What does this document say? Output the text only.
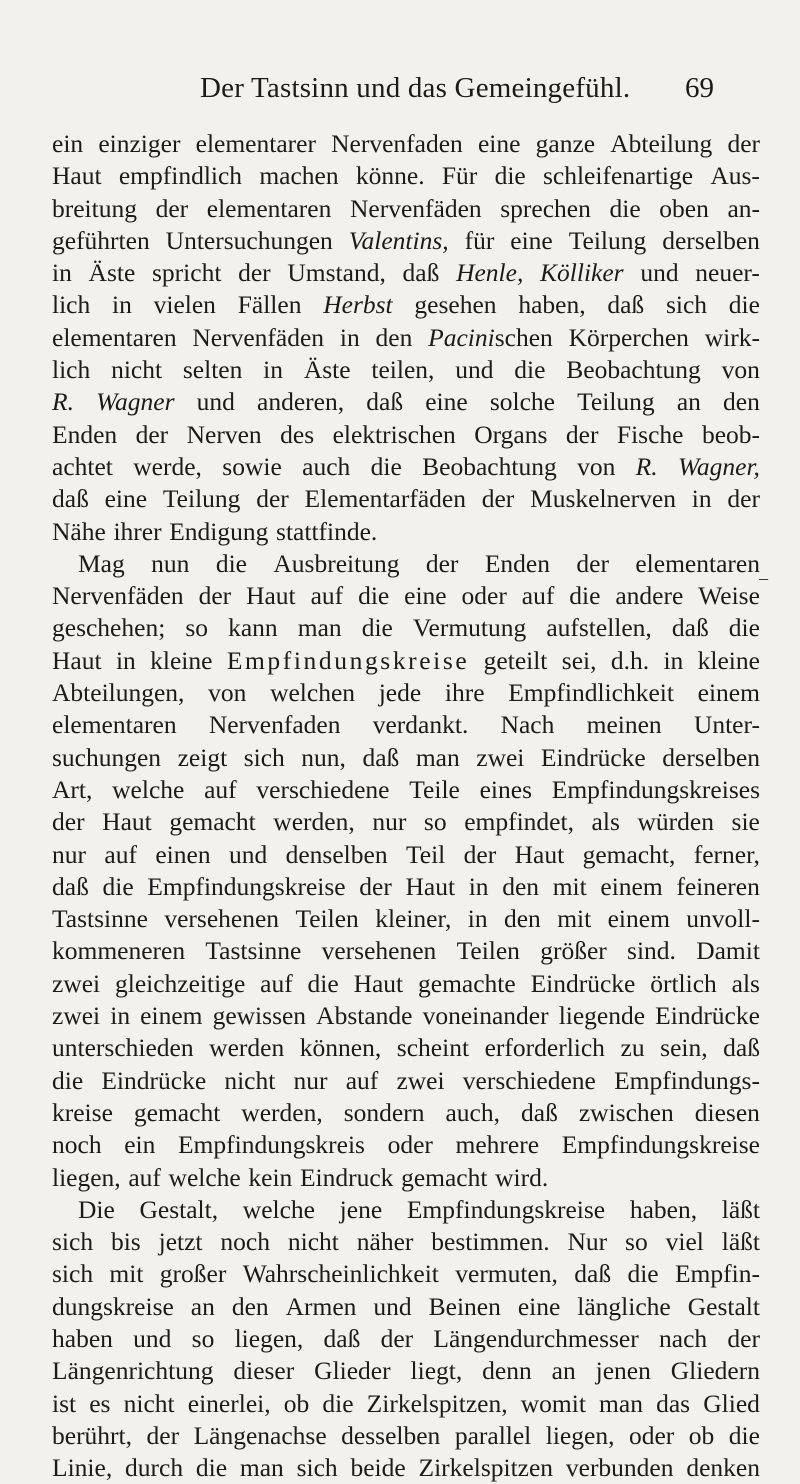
Der Tastsinn und das Gemeingefühl. 69
–
ein einziger elementarer Nervenfaden eine ganze Abteilung der
Haut empfindlich machen könne. Für die schleifenartige Aus-
breitung der elementaren Nervenfäden sprechen die oben an-
geführten Untersuchungen Valentins, für eine Teilung derselben
in Äste spricht der Umstand, daß Henle, Kölliker und neuer-
lich in vielen Fällen Herbst gesehen haben, daß sich die
elementaren Nervenfäden in den Pacinischen Körperchen wirk-
lich nicht selten in Äste teilen, und die Beobachtung von
R. Wagner und anderen, daß eine solche Teilung an den
Enden der Nerven des elektrischen Organs der Fische beob-
achtet werde, sowie auch die Beobachtung von R. Wagner,
daß eine Teilung der Elementarfäden der Muskelnerven in der
Nähe ihrer Endigung stattfinde.
Mag nun die Ausbreitung der Enden der elementaren
Nervenfäden der Haut auf die eine oder auf die andere Weise
geschehen; so kann man die Vermutung aufstellen, daß die
Haut in kleine Empfindungskreise geteilt sei, d.h. in kleine
Abteilungen, von welchen jede ihre Empfindlichkeit einem
elementaren Nervenfaden verdankt. Nach meinen Unter-
suchungen zeigt sich nun, daß man zwei Eindrücke derselben
Art, welche auf verschiedene Teile eines Empfindungskreises
der Haut gemacht werden, nur so empfindet, als würden sie
nur auf einen und denselben Teil der Haut gemacht, ferner,
daß die Empfindungskreise der Haut in den mit einem feineren
Tastsinne versehenen Teilen kleiner, in den mit einem unvoll-
kommeneren Tastsinne versehenen Teilen größer sind. Damit
zwei gleichzeitige auf die Haut gemachte Eindrücke örtlich als
zwei in einem gewissen Abstande voneinander liegende Eindrücke
unterschieden werden können, scheint erforderlich zu sein, daß
die Eindrücke nicht nur auf zwei verschiedene Empfindungs-
kreise gemacht werden, sondern auch, daß zwischen diesen
noch ein Empfindungskreis oder mehrere Empfindungskreise
liegen, auf welche kein Eindruck gemacht wird.
Die Gestalt, welche jene Empfindungskreise haben, läßt
sich bis jetzt noch nicht näher bestimmen. Nur so viel läßt
sich mit großer Wahrscheinlichkeit vermuten, daß die Empfin-
dungskreise an den Armen und Beinen eine längliche Gestalt
haben und so liegen, daß der Längendurchmesser nach der
Längenrichtung dieser Glieder liegt, denn an jenen Gliedern
ist es nicht einerlei, ob die Zirkelspitzen, womit man das Glied
berührt, der Längenachse desselben parallel liegen, oder ob die
Linie, durch die man sich beide Zirkelspitzen verbunden denken
